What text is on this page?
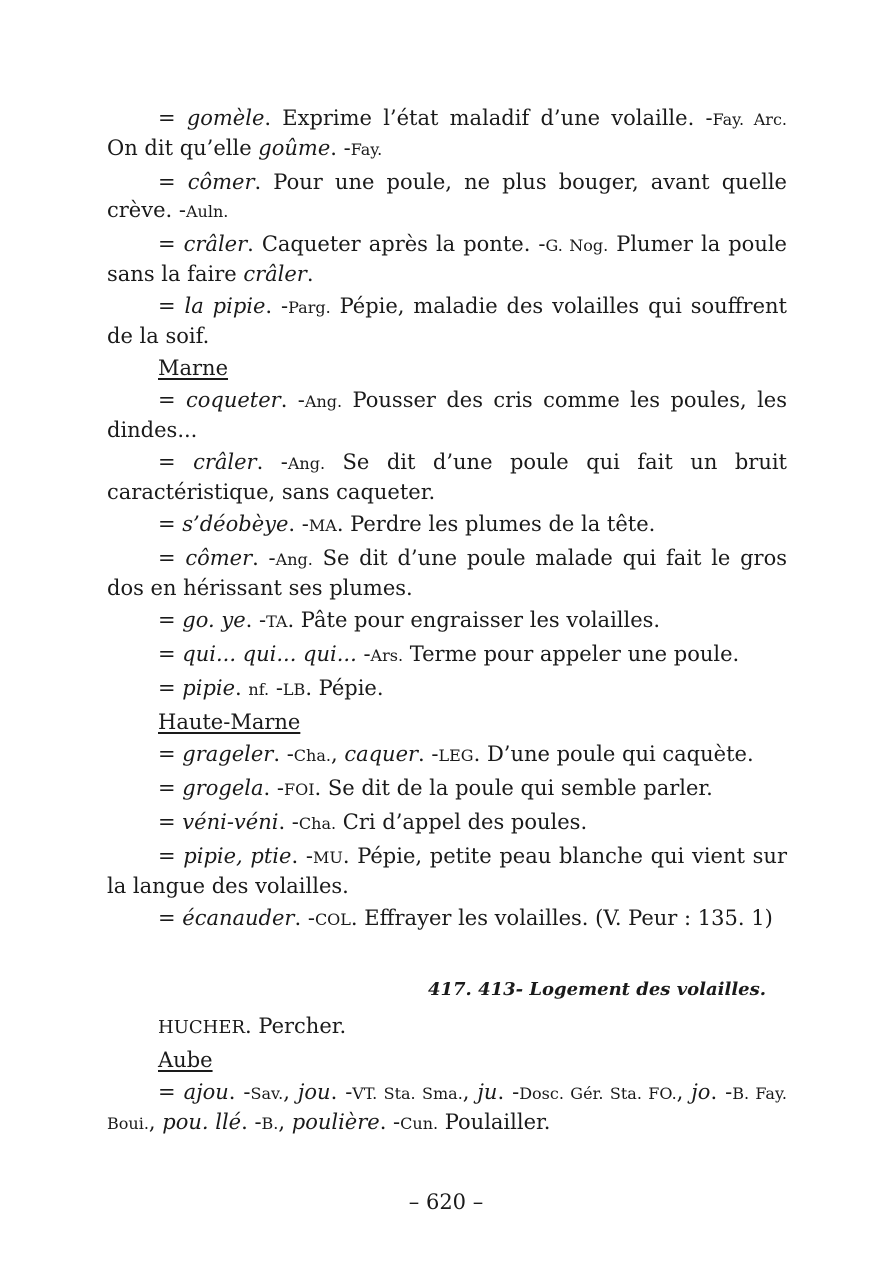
= gomèle. Exprime l’état maladif d’une volaille. -Fay. Arc. On dit qu’elle goûme. -Fay.

= cômer. Pour une poule, ne plus bouger, avant quelle crève. -Auln.

= crâler. Caqueter après la ponte. -G. Nog. Plumer la poule sans la faire crâler.

= la pipie. -Parg. Pépie, maladie des volailles qui souffrent de la soif.

Marne

= coqueter. -Ang. Pousser des cris comme les poules, les dindes...

= crâler. -Ang. Se dit d’une poule qui fait un bruit caractéristique, sans caqueter.

= s’déobèye. -MA. Perdre les plumes de la tête.

= cômer. -Ang. Se dit d’une poule malade qui fait le gros dos en hérissant ses plumes.

= go. ye. -TA. Pâte pour engraisser les volailles.

= qui... qui... qui... -Ars. Terme pour appeler une poule.

= pipie. nf. -LB. Pépie.

Haute-Marne

= grageler. -Cha., caquer. -LEG. D’une poule qui caquète.

= grogela. -FOI. Se dit de la poule qui semble parler.

= véni-véni. -Cha. Cri d’appel des poules.

= pipie, ptie. -MU. Pépie, petite peau blanche qui vient sur la langue des volailles.

= écanauder. -COL. Effrayer les volailles. (V. Peur : 135. 1)

417. 413- Logement des volailles.

HUCHER. Percher.

Aube

= ajou. -Sav., jou. -VT. Sta. Sma., ju. -Dosc. Gér. Sta. FO., jo. -B. Fay. Boui., pou. llé. -B., poulière. -Cun. Poulailler.

– 620 –
